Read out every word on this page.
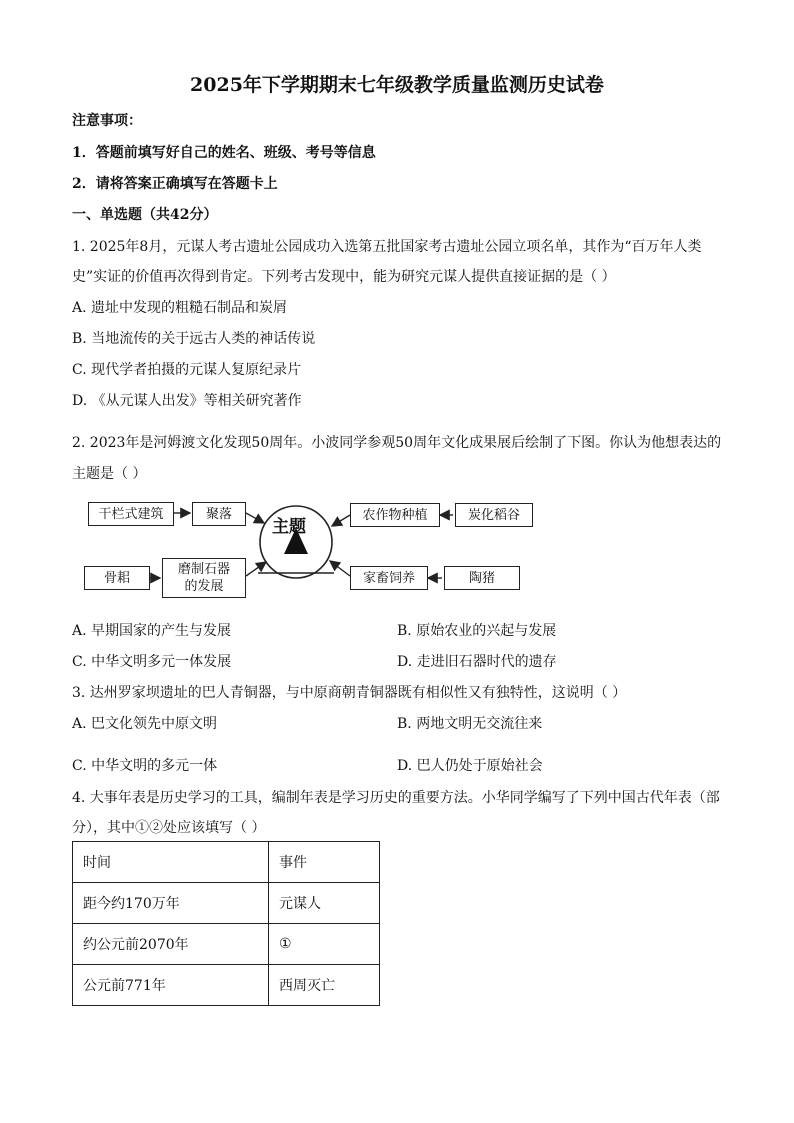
2025年下学期期末七年级教学质量监测历史试卷
注意事项：
1．答题前填写好自己的姓名、班级、考号等信息
2．请将答案正确填写在答题卡上
一、单选题（共42分）
1. 2025年8月，元谋人考古遗址公园成功入选第五批国家考古遗址公园立项名单，其作为“百万年人类
史”实证的价值再次得到肯定。下列考古发现中，能为研究元谋人提供直接证据的是（ ）
A. 遗址中发现的粗糙石制品和炭屑
B. 当地流传的关于远古人类的神话传说
C. 现代学者拍摄的元谋人复原纪录片
D. 《从元谋人出发》等相关研究著作
2. 2023年是河姆渡文化发现50周年。小波同学参观50周年文化成果展后绘制了下图。你认为他想表达的
主题是（ ）
主题
干栏式建筑	聚落	农作物种植	炭化稻谷
骨耜
磨制石器
的发展
家畜饲养	陶猪
A. 早期国家的产生与发展	B. 原始农业的兴起与发展
C. 中华文明多元一体发展	D. 走进旧石器时代的遗存
3. 达州罗家坝遗址的巴人青铜器，与中原商朝青铜器既有相似性又有独特性，这说明（ ）
A. 巴文化领先中原文明	B. 两地文明无交流往来
C. 中华文明的多元一体	D. 巴人仍处于原始社会
4. 大事年表是历史学习的工具，编制年表是学习历史的重要方法。小华同学编写了下列中国古代年表（部
分），其中①②处应该填写（ ）
时间	事件
距今约170万年	元谋人
约公元前2070年	①
公元前771年	西周灭亡
